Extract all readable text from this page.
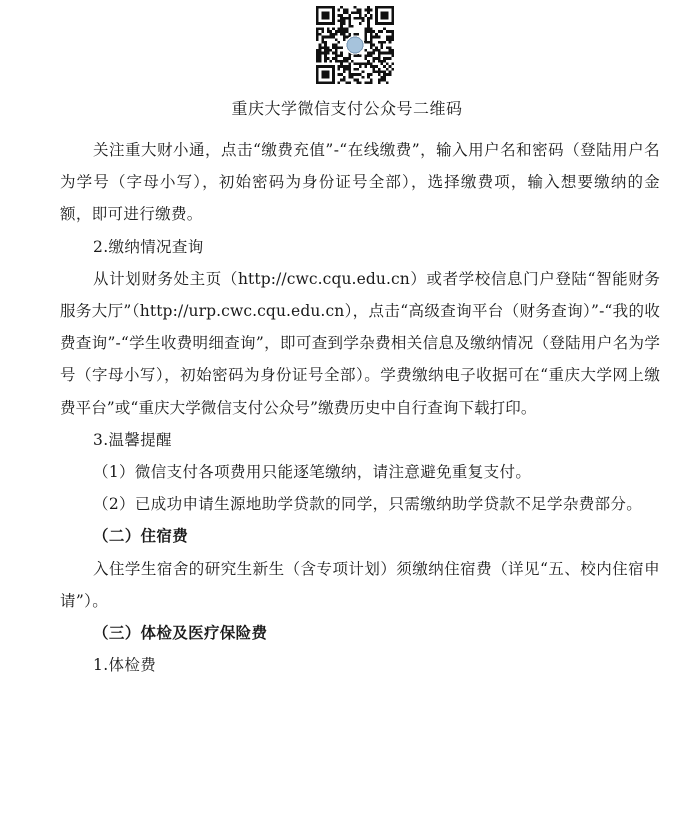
重庆大学微信支付公众号二维码

关注重大财小通，点击“缴费充值”-“在线缴费”，输入用户名和密码（登陆用户名为学号（字母小写），初始密码为身份证号全部），选择缴费项，输入想要缴纳的金额，即可进行缴费。

2.缴纳情况查询

从计划财务处主页（http://cwc.cqu.edu.cn）或者学校信息门户登陆“智能财务服务大厅”（http://urp.cwc.cqu.edu.cn），点击“高级查询平台（财务查询）”-“我的收费查询”-“学生收费明细查询”，即可查到学杂费相关信息及缴纳情况（登陆用户名为学号（字母小写），初始密码为身份证号全部）。学费缴纳电子收据可在“重庆大学网上缴费平台”或“重庆大学微信支付公众号”缴费历史中自行查询下载打印。

3.温馨提醒

（1）微信支付各项费用只能逐笔缴纳，请注意避免重复支付。

（2）已成功申请生源地助学贷款的同学，只需缴纳助学贷款不足学杂费部分。

（二）住宿费

入住学生宿舍的研究生新生（含专项计划）须缴纳住宿费（详见“五、校内住宿申请”）。

（三）体检及医疗保险费

1.体检费
